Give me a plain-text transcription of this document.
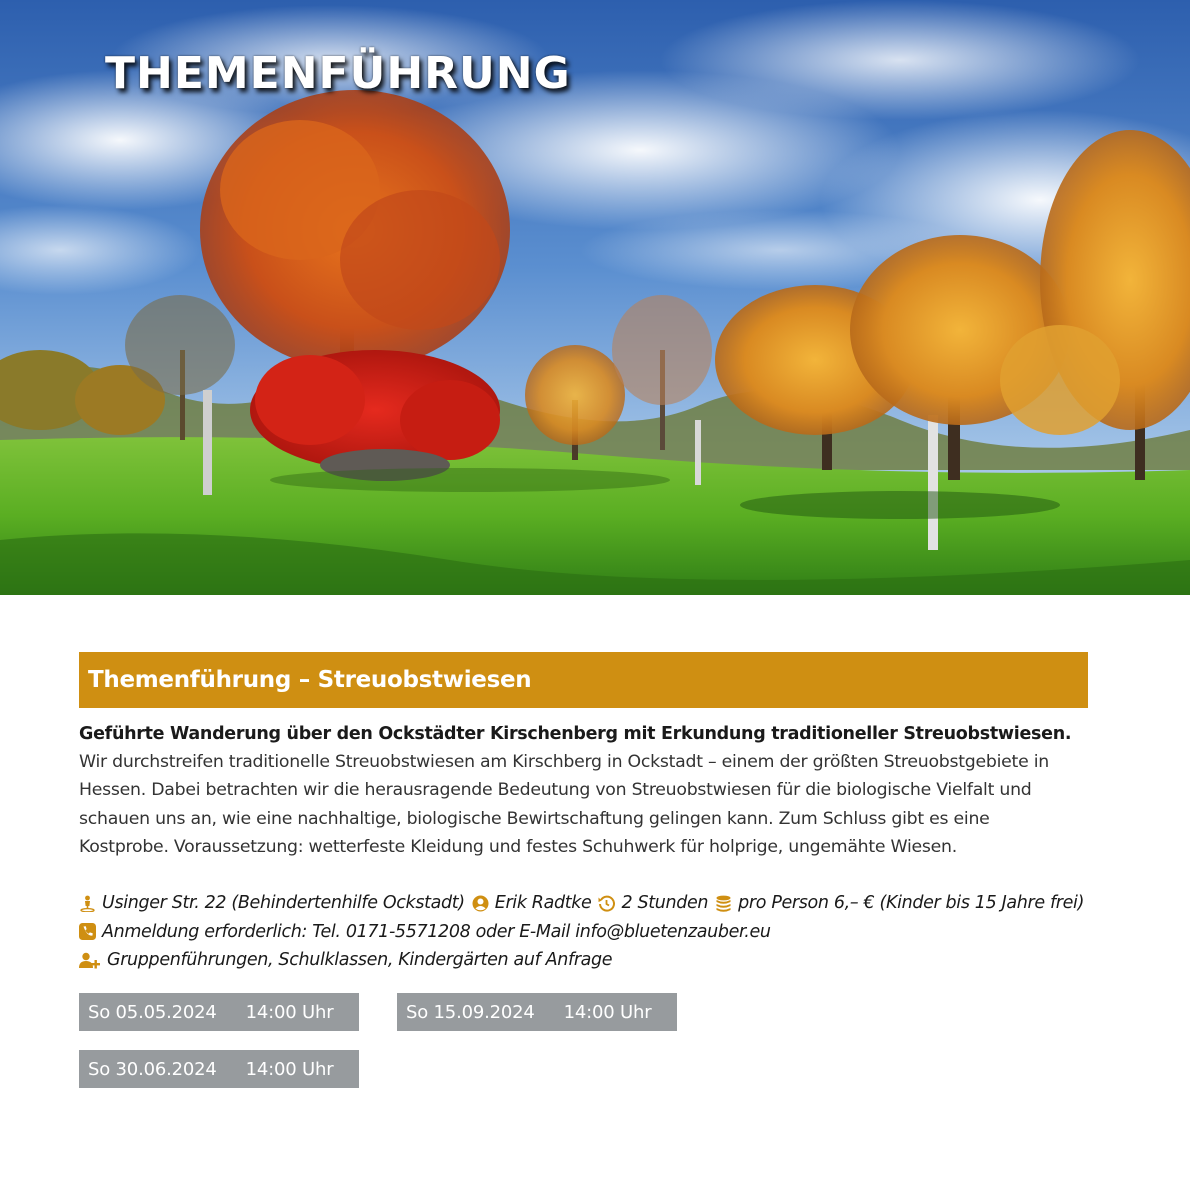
THEMENFÜHRUNG
Themenführung – Streuobstwiesen

Geführte Wanderung über den Ockstädter Kirschenberg mit Erkundung traditioneller Streuobstwiesen.

Wir durchstreifen traditionelle Streuobstwiesen am Kirschberg in Ockstadt – einem der größten Streuobstgebiete in Hessen. Dabei betrachten wir die herausragende Bedeutung von Streuobstwiesen für die biologische Vielfalt und schauen uns an, wie eine nachhaltige, biologische Bewirtschaftung gelingen kann. Zum Schluss gibt es eine Kostprobe. Voraussetzung: wetterfeste Kleidung und festes Schuhwerk für holprige, ungemähte Wiesen.

Usinger Str. 22 (Behindertenhilfe Ockstadt) Erik Radtke 2 Stunden pro Person 6,– € (Kinder bis 15 Jahre frei)
Anmeldung erforderlich: Tel. 0171-5571208 oder E-Mail info@bluetenzauber.eu
Gruppenführungen, Schulklassen, Kindergärten auf Anfrage
So 05.05.2024 14:00 Uhr	So 15.09.2024 14:00 Uhr
So 30.06.2024 14:00 Uhr
